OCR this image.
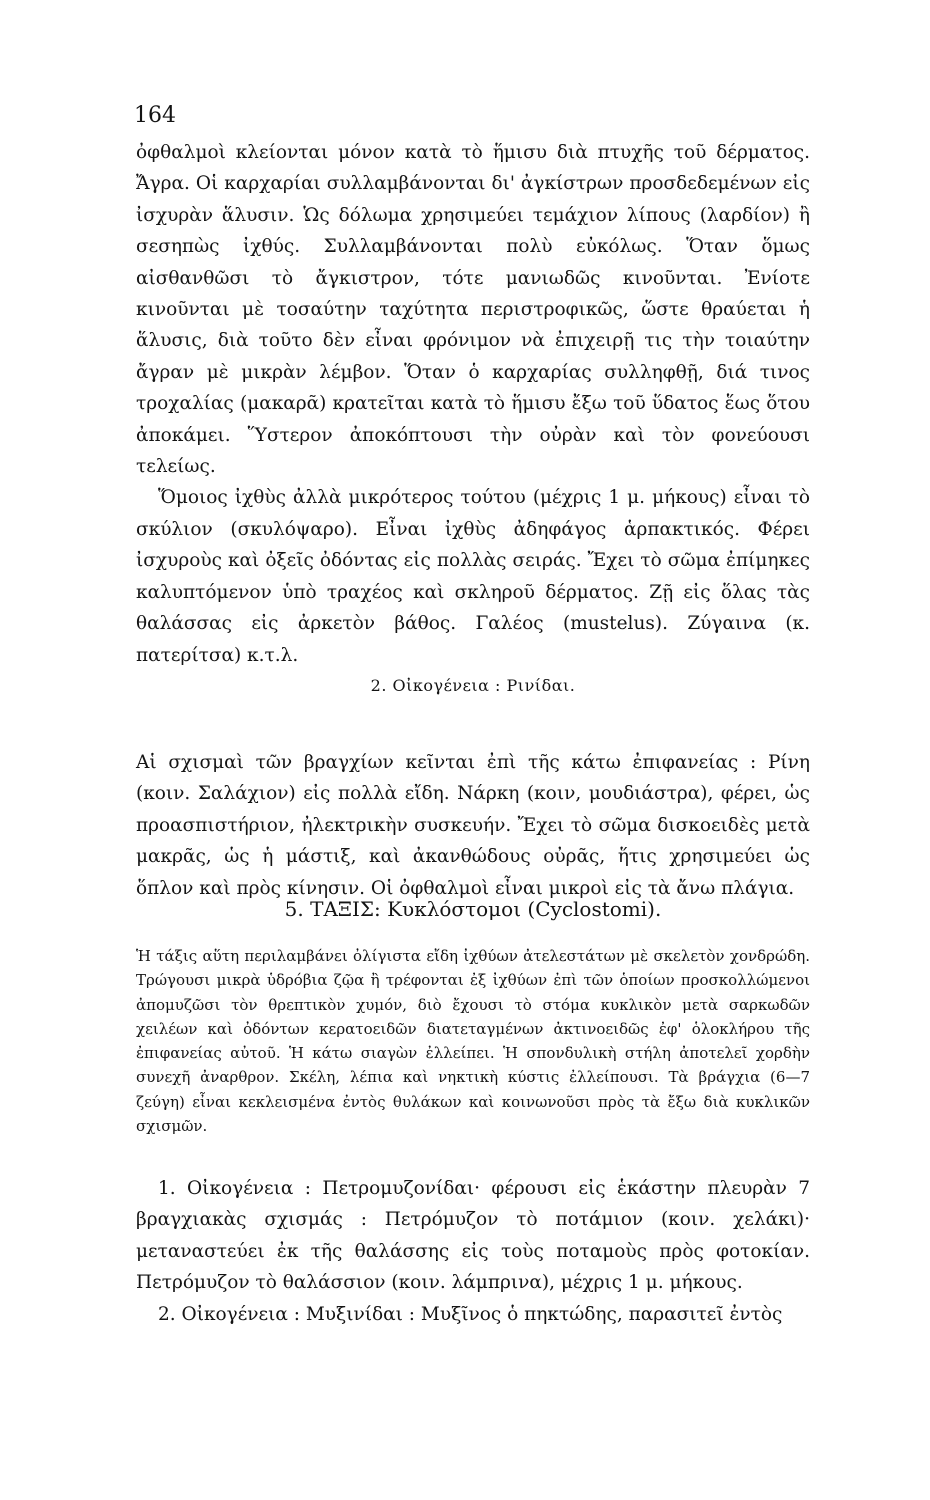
164

ὀφθαλμοὶ κλείονται μόνον κατὰ τὸ ἥμισυ διὰ πτυχῆς τοῦ δέρματος. Ἄγρα. Οἱ καρχαρίαι συλλαμβάνονται δι' ἀγκίστρων προσδεδεμένων εἰς ἰσχυρὰν ἅλυσιν. Ὡς δόλωμα χρησιμεύει τεμάχιον λίπους (λαρδίον) ἢ σεσηπὼς ἰχθύς. Συλλαμβάνονται πολὺ εὐκόλως. Ὅταν ὅμως αἰσθανθῶσι τὸ ἄγκιστρον, τότε μανιωδῶς κινοῦνται. Ἐνίοτε κινοῦνται μὲ τοσαύτην ταχύτητα περιστροφικῶς, ὥστε θραύεται ἡ ἅλυσις, διὰ τοῦτο δὲν εἶναι φρόνιμον νὰ ἐπιχειρῇ τις τὴν τοιαύτην ἄγραν μὲ μικρὰν λέμβον. Ὅταν ὁ καρχαρίας συλληφθῇ, διά τινος τροχαλίας (μακαρᾶ) κρατεῖται κατὰ τὸ ἥμισυ ἔξω τοῦ ὕδατος ἕως ὅτου ἀποκάμει. Ὕστερον ἀποκόπτουσι τὴν οὐρὰν καὶ τὸν φονεύουσι τελείως.
Ὅμοιος ἰχθὺς ἀλλὰ μικρότερος τούτου (μέχρις 1 μ. μήκους) εἶναι τὸ σκύλιον (σκυλόψαρο). Εἶναι ἰχθὺς ἀδηφάγος ἁρπακτικός. Φέρει ἰσχυροὺς καὶ ὀξεῖς ὀδόντας εἰς πολλὰς σειράς. Ἔχει τὸ σῶμα ἐπίμηκες καλυπτόμενον ὑπὸ τραχέος καὶ σκληροῦ δέρματος. Ζῇ εἰς ὅλας τὰς θαλάσσας εἰς ἀρκετὸν βάθος. Γαλέος (mustelus). Ζύγαινα (κ. πατερίτσα) κ.τ.λ.

2. Οἰκογένεια : Ρινίδαι.

Αἱ σχισμαὶ τῶν βραγχίων κεῖνται ἐπὶ τῆς κάτω ἐπιφανείας : Ρίνη (κοιν. Σαλάχιον) εἰς πολλὰ εἴδη. Νάρκη (κοιν, μουδιάστρα), φέρει, ὡς προασπιστήριον, ἠλεκτρικὴν συσκευήν. Ἔχει τὸ σῶμα δισκοειδὲς μετὰ μακρᾶς, ὡς ἡ μάστιξ, καὶ ἀκανθώδους οὐρᾶς, ἥτις χρησιμεύει ὡς ὅπλον καὶ πρὸς κίνησιν. Οἱ ὀφθαλμοὶ εἶναι μικροὶ εἰς τὰ ἄνω πλάγια.

5. ΤΑΞΙΣ: Κυκλόστομοι (Cyclostomi).

Ἡ τάξις αὕτη περιλαμβάνει ὀλίγιστα εἴδη ἰχθύων ἀτελεστάτων μὲ σκελετὸν χονδρώδη. Τρώγουσι μικρὰ ὑδρόβια ζῷα ἢ τρέφονται ἐξ ἰχθύων ἐπὶ τῶν ὁποίων προσκολλώμενοι ἀπομυζῶσι τὸν θρεπτικὸν χυμόν, διὸ ἔχουσι τὸ στόμα κυκλικὸν μετὰ σαρκωδῶν χειλέων καὶ ὀδόντων κερατοειδῶν διατεταγμένων ἀκτινοειδῶς ἐφ' ὁλοκλήρου τῆς ἐπιφανείας αὐτοῦ. Ἡ κάτω σιαγὼν ἐλλείπει. Ἡ σπονδυλικὴ στήλη ἀποτελεῖ χορδὴν συνεχῆ ἀναρθρον. Σκέλη, λέπια καὶ νηκτικὴ κύστις ἐλλείπουσι. Τὰ βράγχια (6—7 ζεύγη) εἶναι κεκλεισμένα ἐντὸς θυλάκων καὶ κοινωνοῦσι πρὸς τὰ ἔξω διὰ κυκλικῶν σχισμῶν.

1. Οἰκογένεια : Πετρομυζονίδαι· φέρουσι εἰς ἑκάστην πλευρὰν 7 βραγχιακὰς σχισμάς : Πετρόμυζον τὸ ποτάμιον (κοιν. χελάκι)· μεταναστεύει ἐκ τῆς θαλάσσης εἰς τοὺς ποταμοὺς πρὸς φοτοκίαν. Πετρόμυζον τὸ θαλάσσιον (κοιν. λάμπρινα), μέχρις 1 μ. μήκους.
2. Οἰκογένεια : Μυξινίδαι : Μυξῖνος ὁ πηκτώδης, παρασιτεῖ ἐντὸς
